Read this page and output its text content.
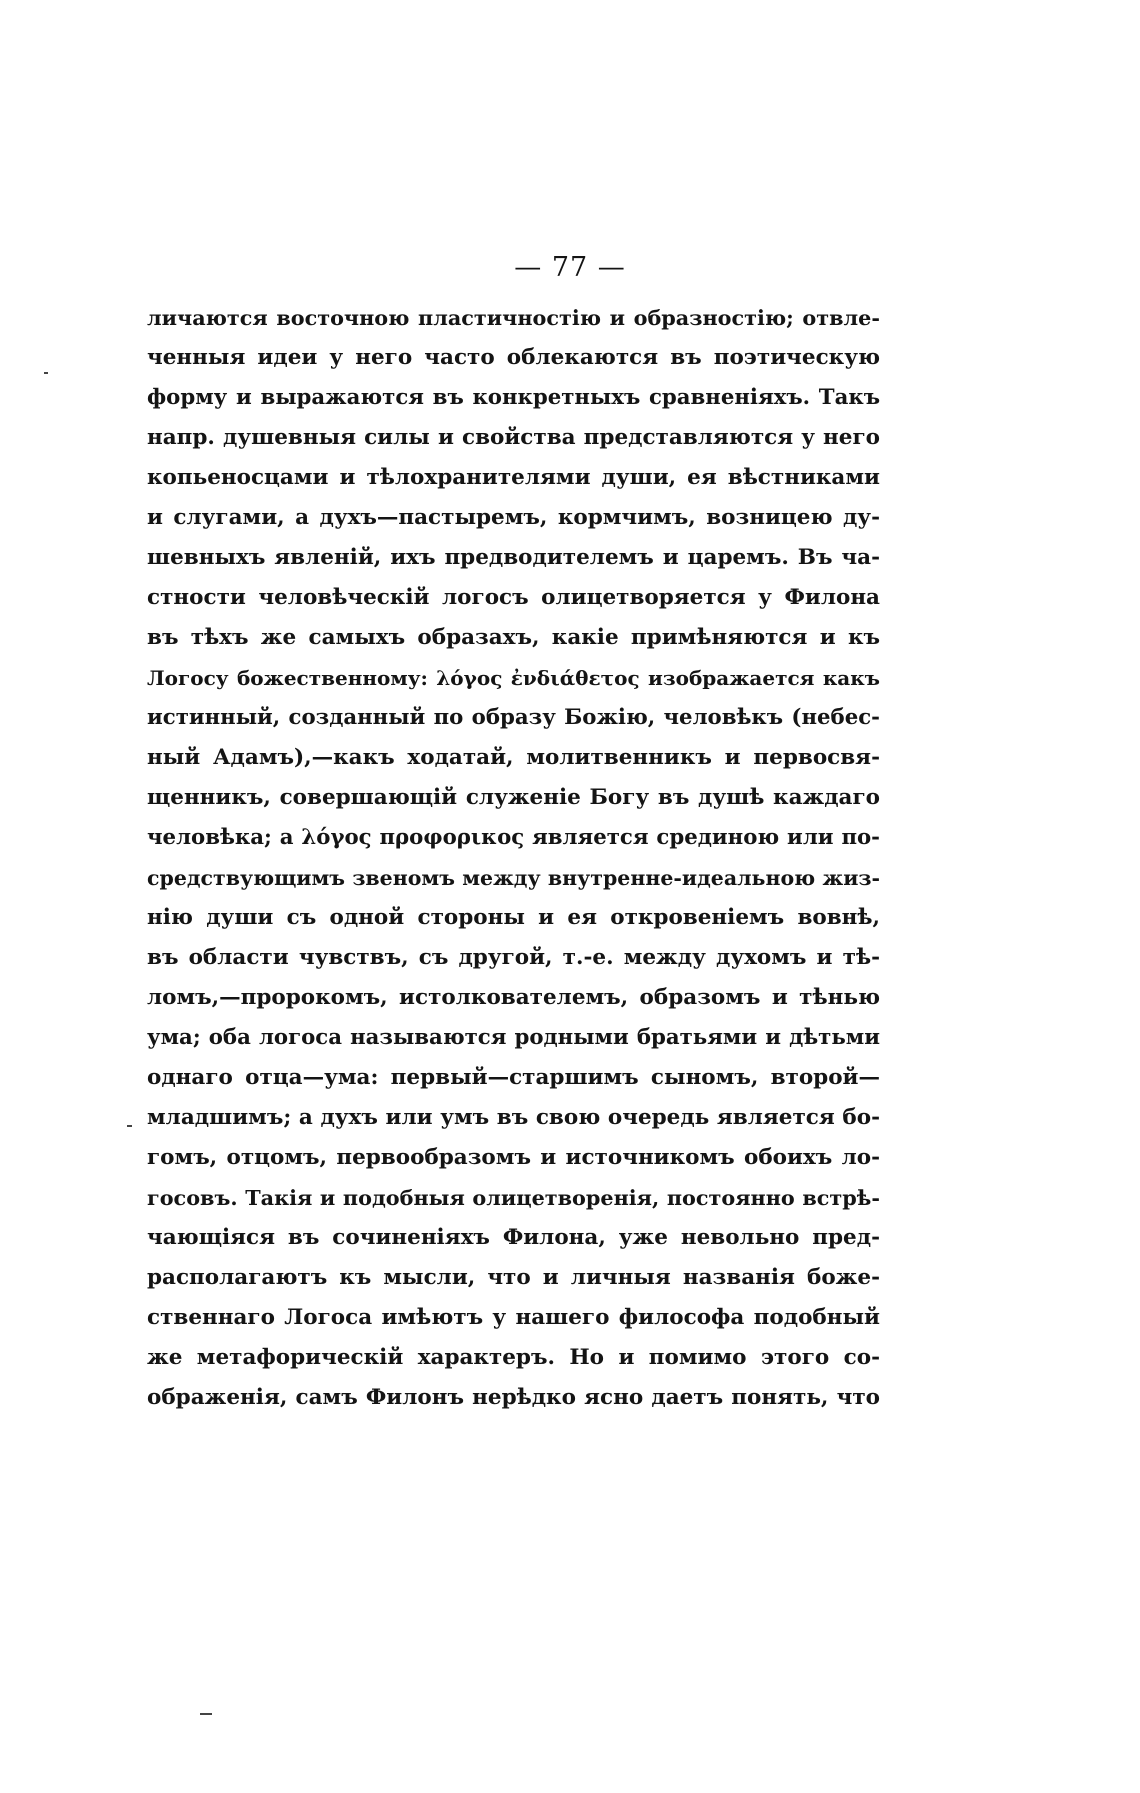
— 77 —
личаются восточною пластичностію и образностію; отвле-
ченныя идеи у него часто облекаются въ поэтическую
форму и выражаются въ конкретныхъ сравненіяхъ. Такъ
напр. душевныя силы и свойства представляются у него
копьеносцами и тѣлохранителями души, ея вѣстниками
и слугами, а духъ—пастыремъ, кормчимъ, возницею ду-
шевныхъ явленій, ихъ предводителемъ и царемъ. Въ ча-
стности человѣческій логосъ олицетворяется у Филона
въ тѣхъ же самыхъ образахъ, какіе примѣняются и къ
Логосу божественному: λόγος ἐνδιάθετος изображается какъ
истинный, созданный по образу Божію, человѣкъ (небес-
ный Адамъ),—какъ ходатай, молитвенникъ и первосвя-
щенникъ, совершающій служеніе Богу въ душѣ каждаго
человѣка; а λόγος προφορικος является срединою или по-
средствующимъ звеномъ между внутренне-идеальною жиз-
нію души съ одной стороны и ея откровеніемъ вовнѣ,
въ области чувствъ, съ другой, т.-е. между духомъ и тѣ-
ломъ,—пророкомъ, истолкователемъ, образомъ и тѣнью
ума; оба логоса называются родными братьями и дѣтьми
однаго отца—ума: первый—старшимъ сыномъ, второй—
младшимъ; а духъ или умъ въ свою очередь является бо-
гомъ, отцомъ, первообразомъ и источникомъ обоихъ ло-
госовъ. Такія и подобныя олицетворенія, постоянно встрѣ-
чающіяся въ сочиненіяхъ Филона, уже невольно пред-
располагаютъ къ мысли, что и личныя названія боже-
ственнаго Логоса имѣютъ у нашего философа подобный
же метафорическій характеръ. Но и помимо этого со-
ображенія, самъ Филонъ нерѣдко ясно даетъ понять, что
